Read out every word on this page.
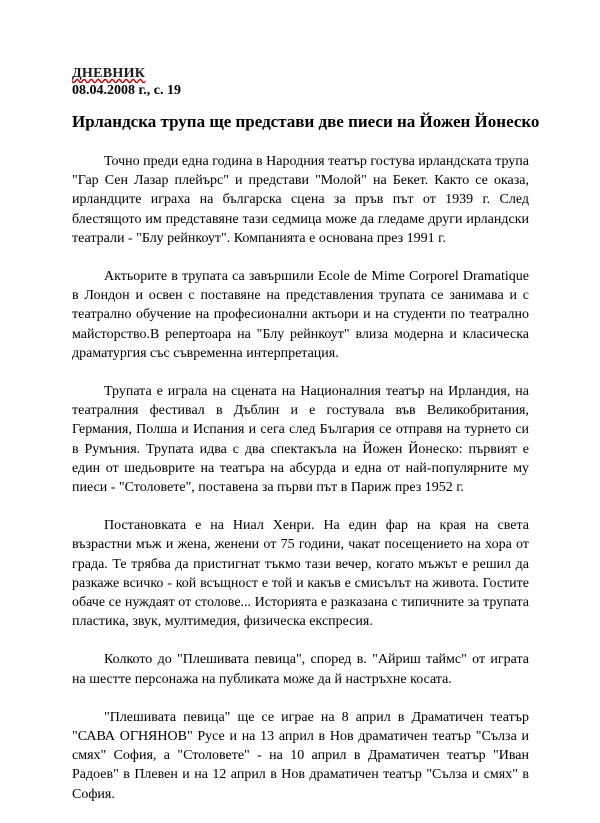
ДНЕВНИК
08.04.2008 г., с. 19
Ирландска трупа ще представи две пиеси на Йожен Йонеско

Точно преди една година в Народния театър гостува ирландската трупа "Гар Сен Лазар плейърс" и представи "Молой" на Бекет. Както се оказа, ирландците играха на българска сцена за пръв път от 1939 г. След блестящото им представяне тази седмица може да гледаме други ирландски театрали - "Блу рейнкоут". Компанията е основана през 1991 г.

Актьорите в трупата са завършили Ecole de Mime Corporel Dramatique в Лондон и освен с поставяне на представления трупата се занимава и с театрално обучение на професионални актьори и на студенти по театрално майсторство.В репертоара на "Блу рейнкоут" влиза модерна и класическа драматургия със съвременна интерпретация.

Трупата е играла на сцената на Националния театър на Ирландия, на театралния фестивал в Дъблин и е гостувала във Великобритания, Германия, Полша и Испания и сега след България се отправя на турнето си в Румъния. Трупата идва с два спектакъла на Йожен Йонеско: първият е един от шедьоврите на театъра на абсурда и една от най-популярните му пиеси - "Столовете", поставена за първи път в Париж през 1952 г.

Постановката е на Ниал Хенри. На един фар на края на света възрастни мъж и жена, женени от 75 години, чакат посещението на хора от града. Те трябва да пристигнат тъкмо тази вечер, когато мъжът е решил да разкаже всичко - кой всъщност е той и какъв е смисълът на живота. Гостите обаче се нуждаят от столове... Историята е разказана с типичните за трупата пластика, звук, мултимедия, физическа експресия.

Колкото до "Плешивата певица", според в. "Айриш таймс" от играта на шестте персонажа на публиката може да й настръхне косата.

"Плешивата певица" ще се играе на 8 април в Драматичен театър "САВА ОГНЯНОВ" Русе и на 13 април в Нов драматичен театър "Сълза и смях" София, а "Столовете" - на 10 април в Драматичен театър "Иван Радоев" в Плевен и на 12 април в Нов драматичен театър "Сълза и смях" в София.
